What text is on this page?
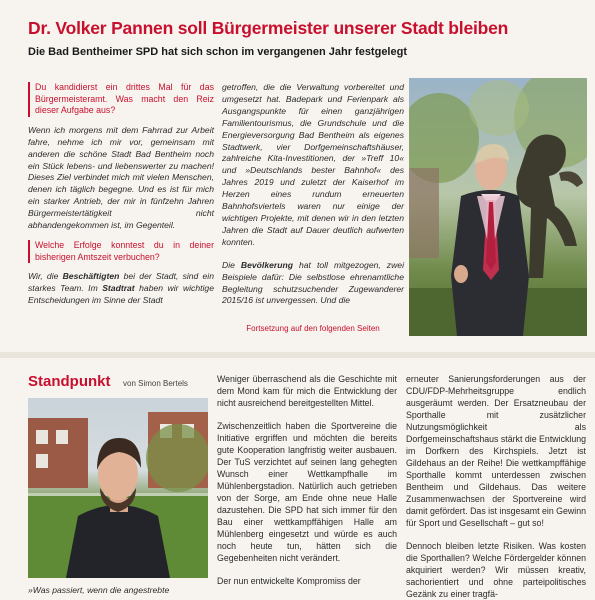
Dr. Volker Pannen soll Bürgermeister unserer Stadt bleiben
Die Bad Bentheimer SPD hat sich schon im vergangenen Jahr festgelegt
Du kandidierst ein drittes Mal für das Bürgermeisteramt. Was macht den Reiz dieser Aufgabe aus?

Wenn ich morgens mit dem Fahrrad zur Arbeit fahre, nehme ich mir vor, gemeinsam mit anderen die schöne Stadt Bad Bentheim noch ein Stück lebens- und liebenswerter zu machen! Dieses Ziel verbindet mich mit vielen Menschen, denen ich täglich begegne. Und es ist für mich ein starker Antrieb, der mir in fünfzehn Jahren Bürgermeistertätigkeit nicht abhandengekommen ist, im Gegenteil.

Welche Erfolge konntest du in deiner bisherigen Amtszeit verbuchen?

Wir, die Beschäftigten bei der Stadt, sind ein starkes Team. Im Stadtrat haben wir wichtige Entscheidungen im Sinne der Stadt

getroffen, die die Verwaltung vorbereitet und umgesetzt hat. Badepark und Ferienpark als Ausgangspunkte für einen ganzjährigen Familientourismus, die Grundschule und die Energieversorgung Bad Bentheim als eigenes Stadtwerk, vier Dorfgemeinschaftshäuser, zahlreiche Kita-Investitionen, der »Treff 10« und »Deutschlands bester Bahnhof« des Jahres 2019 und zuletzt der Kaiserhof im Herzen eines rundum erneuerten Bahnhofsviertels waren nur einige der wichtigen Projekte, mit denen wir in den letzten Jahren die Stadt auf Dauer deutlich aufwerten konnten.

Die Bevölkerung hat toll mitgezogen, zwei Beispiele dafür: Die selbstlose ehrenamtliche Begleitung schutzsuchender Zugewanderer 2015/16 ist unvergessen. Und die

Fortsetzung auf den folgenden Seiten
Standpunkt von Simon Bertels
»Was passiert, wenn die angestrebte

Weniger überraschend als die Geschichte mit dem Mond kam für mich die Entwicklung der nicht ausreichend bereitgestellten Mittel.

Zwischenzeitlich haben die Sportvereine die Initiative ergriffen und möchten die bereits gute Kooperation langfristig weiter ausbauen. Der TuS verzichtet auf seinen lang gehegten Wunsch einer Wettkampfhalle im Mühlenbergstadion. Natürlich auch getrieben von der Sorge, am Ende ohne neue Halle dazustehen. Die SPD hat sich immer für den Bau einer wettkampffähigen Halle am Mühlenberg eingesetzt und würde es auch noch heute tun, hätten sich die Gegebenheiten nicht verändert.

Der nun entwickelte Kompromiss der

erneuter Sanierungsforderungen aus der CDU/FDP-Mehrheitsgruppe endlich ausgeräumt werden. Der Ersatzneubau der Sporthalle mit zusätzlicher Nutzungsmöglichkeit als Dorfgemeinschaftshaus stärkt die Entwicklung im Dorfkern des Kirchspiels. Jetzt ist Gildehaus an der Reihe! Die wettkampffähige Sporthalle kommt unterdessen zwischen Bentheim und Gildehaus. Das weitere Zusammenwachsen der Sportvereine wird damit gefördert. Das ist insgesamt ein Gewinn für Sport und Gesellschaft – gut so!

Dennoch bleiben letzte Risiken. Was kosten die Sporthallen? Welche Fördergelder können akquiriert werden? Wir müssen kreativ, sachorientiert und ohne parteipolitisches Gezänk zu einer tragfä-
